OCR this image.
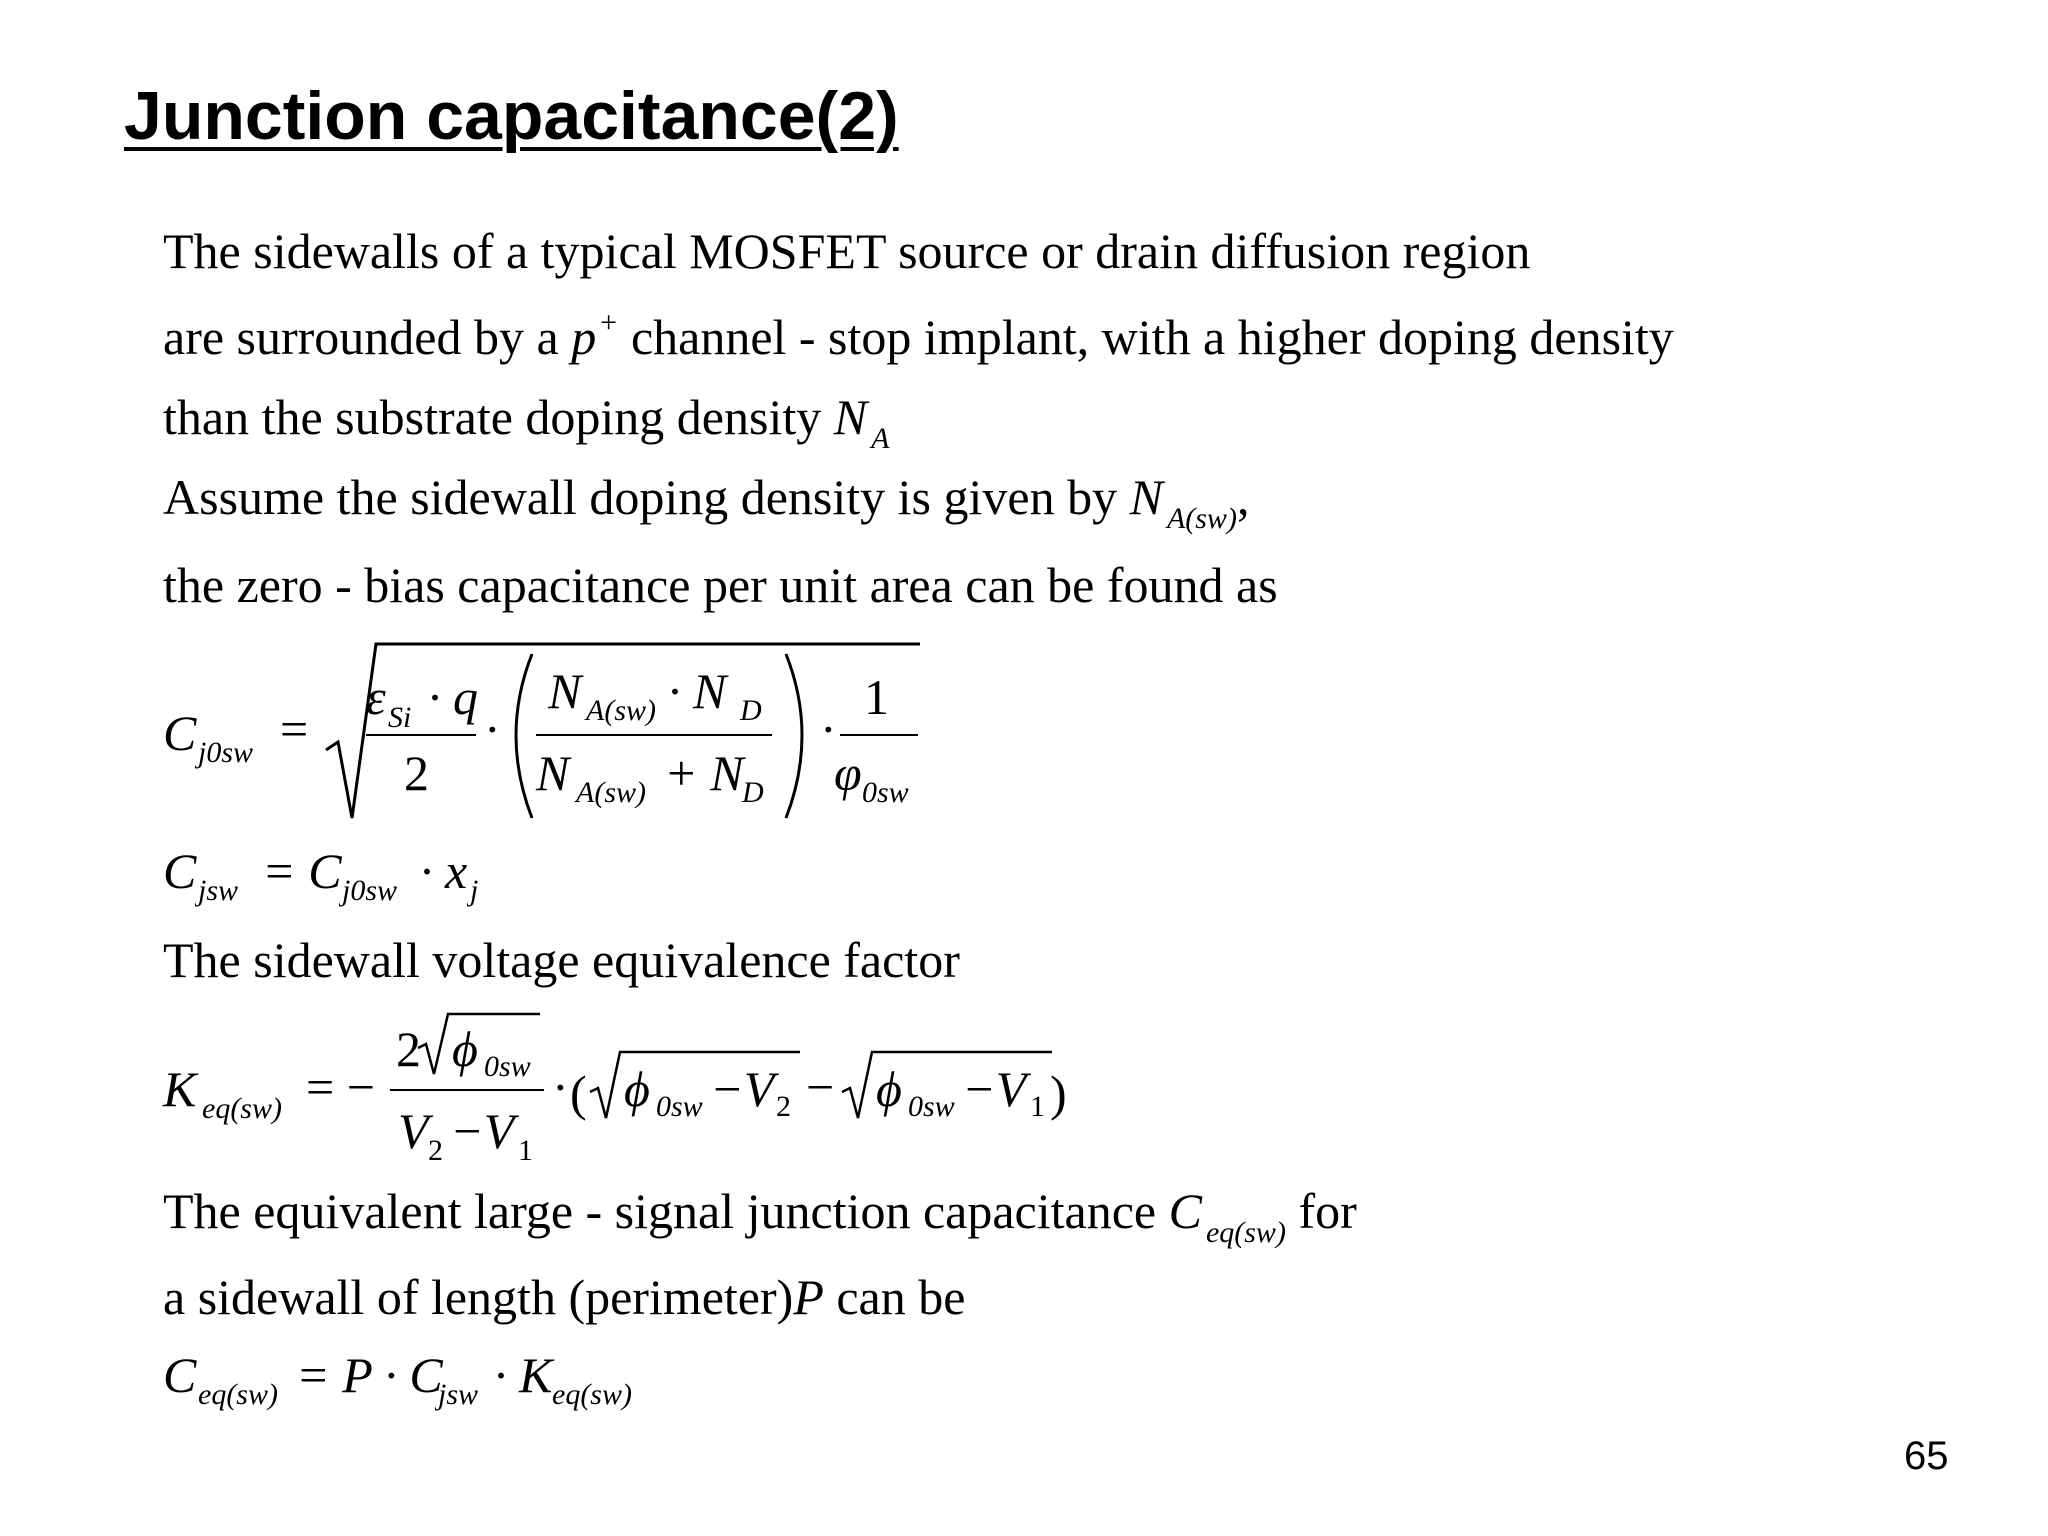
Junction capacitance(2)
The sidewalls of a typical MOSFET source or drain diffusion region
are surrounded by a p+ channel - stop implant, with a higher doping density
than the substrate doping density N $_A$
Assume the sidewall doping density is given by N $_{A(sw)}$,
the zero - bias capacitance per unit area can be found as
C j0sw =
ε Si · q
2
·
N A(sw) · N D
N A(sw) + N
D
·
1
φ 0sw
C jsw = C j0sw · x j
The sidewall voltage equivalence factor
K eq(sw) = −
2 ϕ 0sw
V 2 −V 1
· ( ϕ 0sw −V 2 − ϕ 0sw −V 1 )
The equivalent large - signal junction capacitance C $_{eq(sw)}$ for
a sidewall of length (perimeter)P can be
C eq(sw) = P · C
jsw · K eq(sw)
65
